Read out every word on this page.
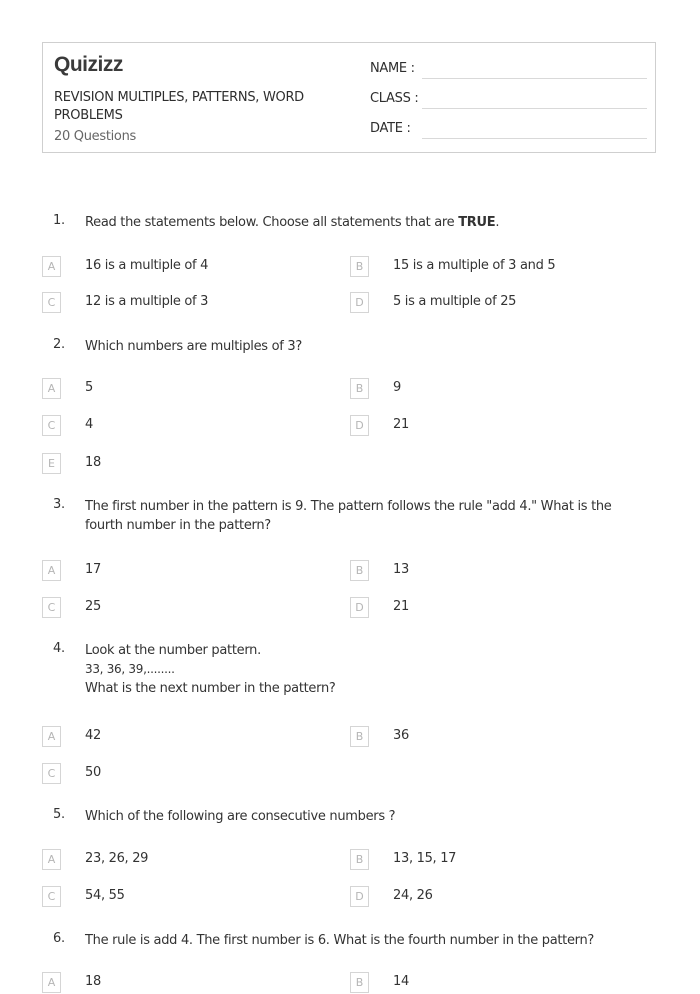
Quizizz
REVISION MULTIPLES, PATTERNS, WORD PROBLEMS
20 Questions
NAME :
CLASS :
DATE :
1. Read the statements below. Choose all statements that are TRUE.
A	16 is a multiple of 4	B	15 is a multiple of 3 and 5
C	12 is a multiple of 3	D	5 is a multiple of 25
2. Which numbers are multiples of 3?
A	5	B	9
C	4	D	21
E	18
3. The first number in the pattern is 9. The pattern follows the rule "add 4." What is the fourth number in the pattern?
A	17	B	13
C	25	D	21
4. Look at the number pattern.
33, 36, 39,........
What is the next number in the pattern?
A	42	B	36
C	50
5. Which of the following are consecutive numbers ?
A	23, 26, 29	B	13, 15, 17
C	54, 55	D	24, 26
6. The rule is add 4. The first number is 6. What is the fourth number in the pattern?
A	18	B	14
